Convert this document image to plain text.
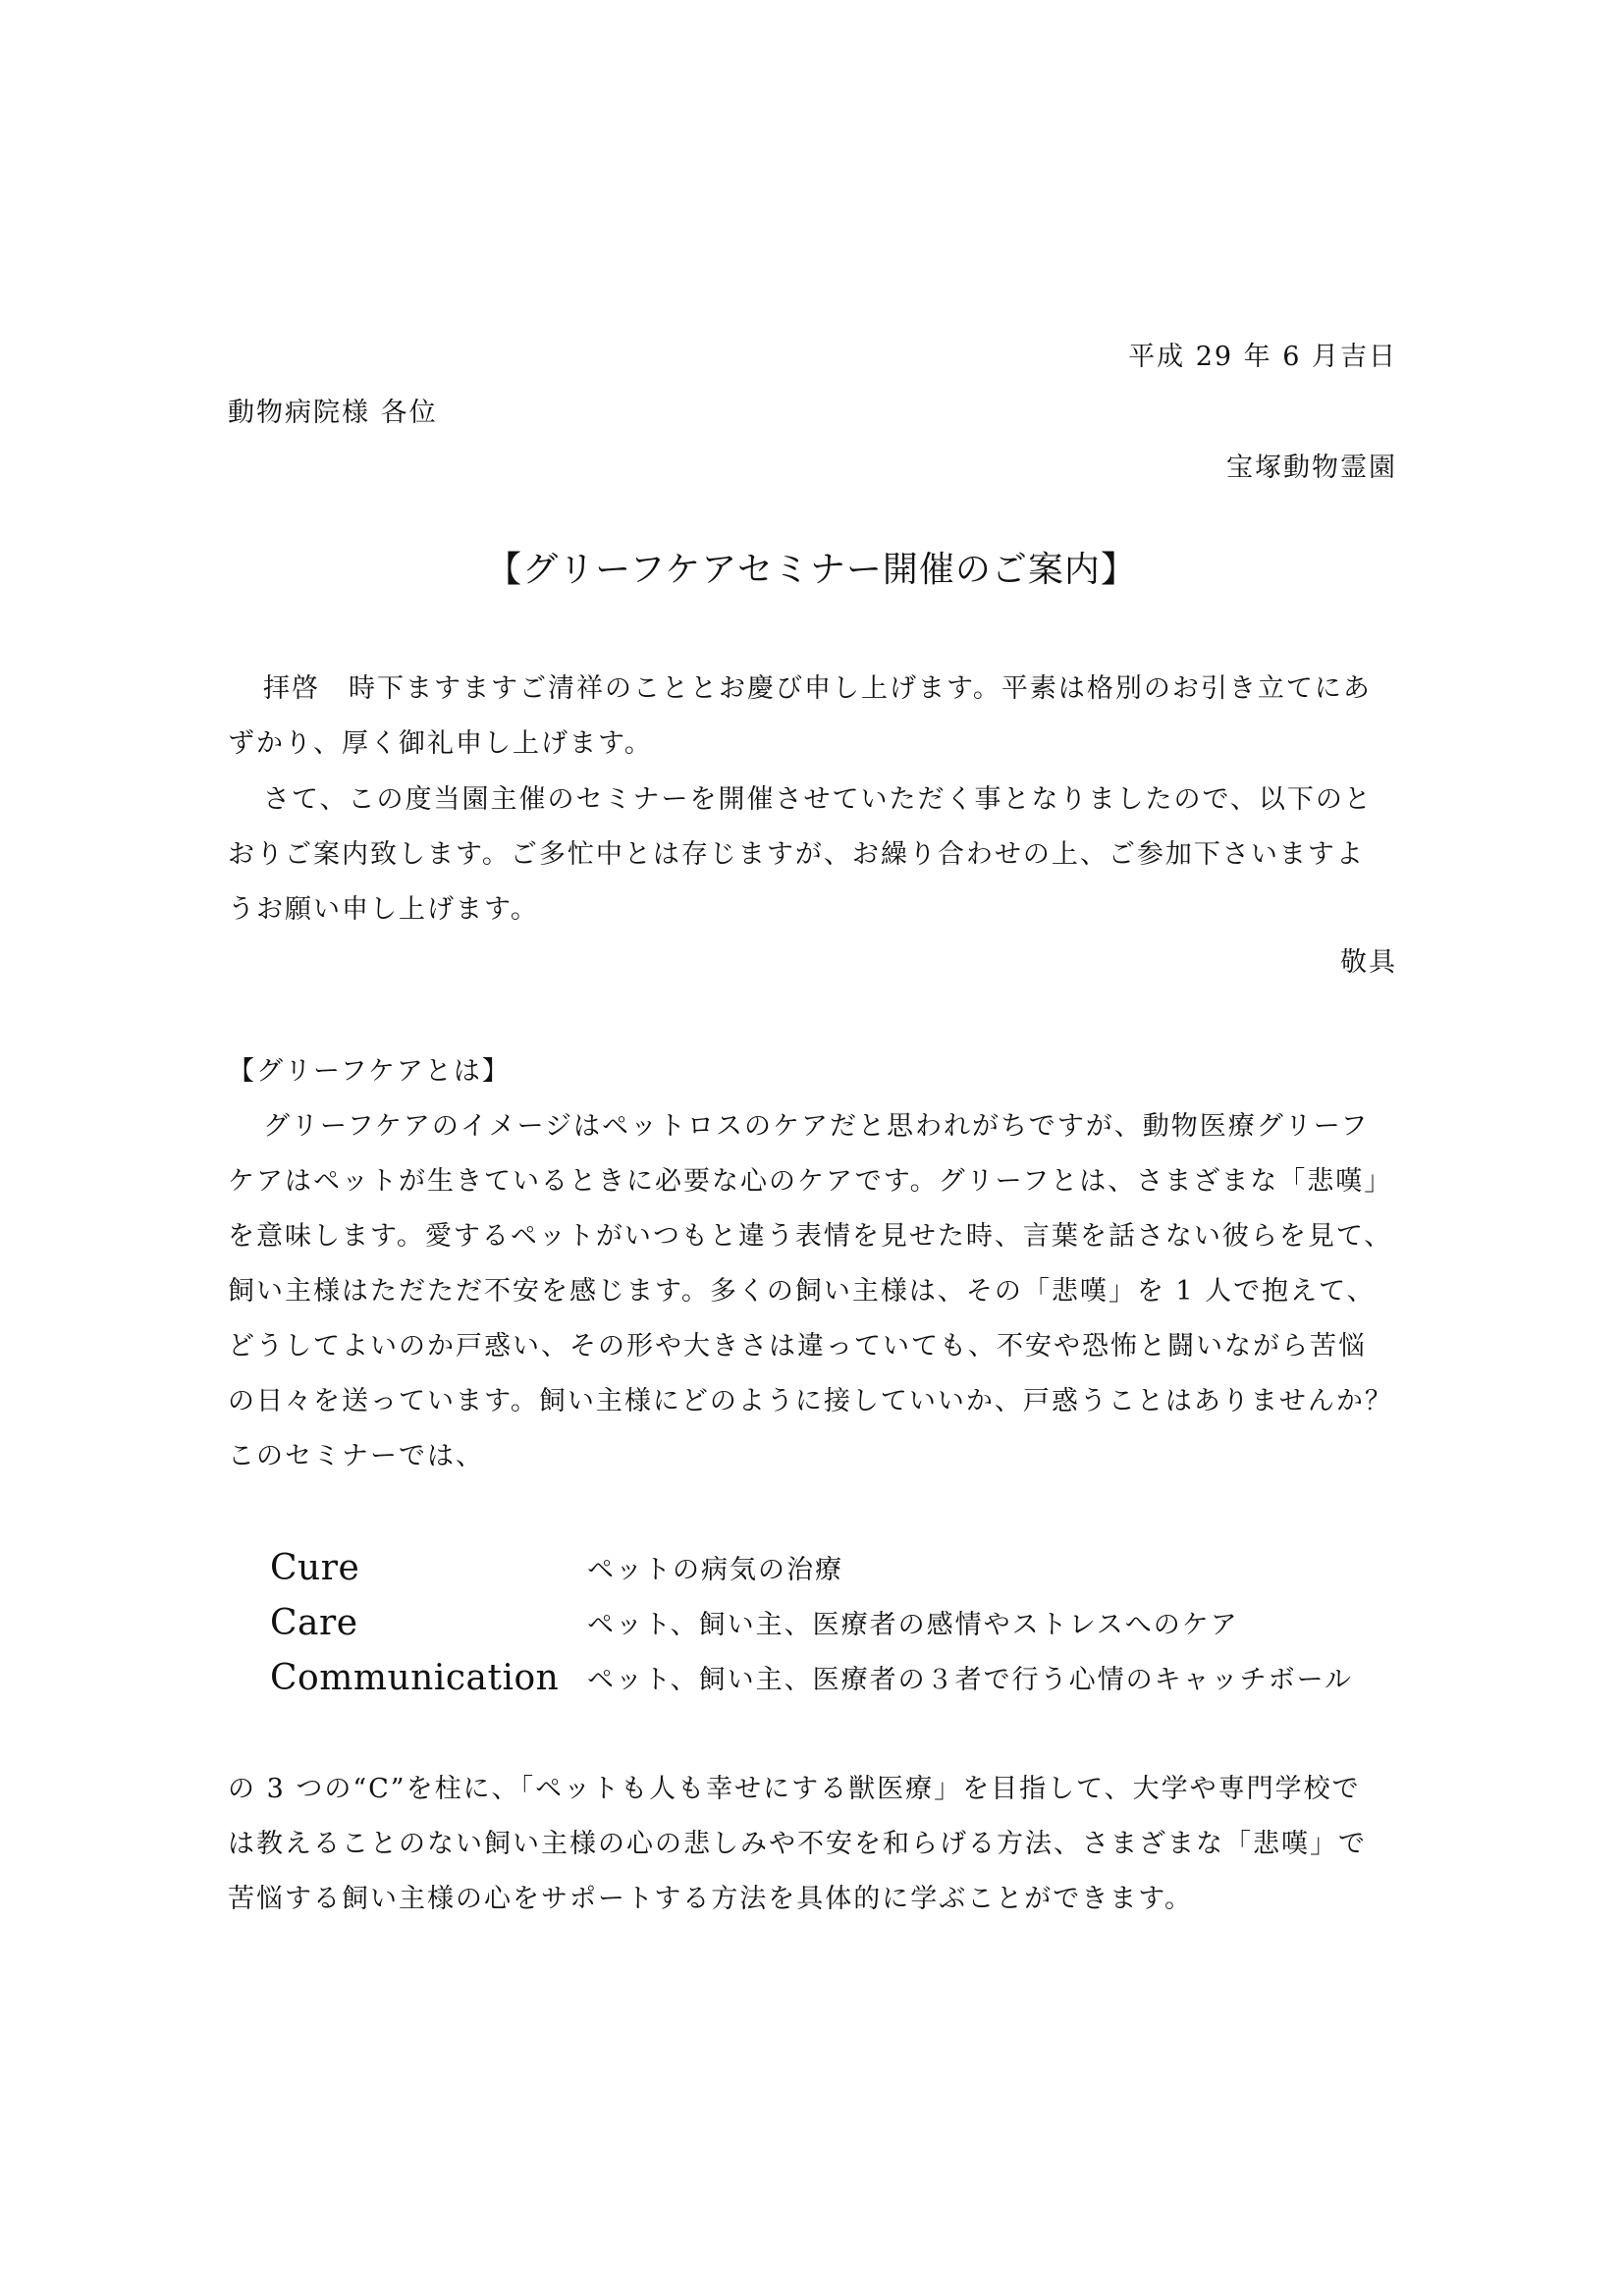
平成 29 年 6 月吉日
動物病院様 各位
宝塚動物霊園
【グリーフケアセミナー開催のご案内】
拝啓　時下ますますご清祥のこととお慶び申し上げます。平素は格別のお引き立てにあ
ずかり、厚く御礼申し上げます。
さて、この度当園主催のセミナーを開催させていただく事となりましたので、以下のと
おりご案内致します。ご多忙中とは存じますが、お繰り合わせの上、ご参加下さいますよ
うお願い申し上げます。
敬具
【グリーフケアとは】
グリーフケアのイメージはペットロスのケアだと思われがちですが、動物医療グリーフ
ケアはペットが生きているときに必要な心のケアです。グリーフとは、さまざまな「悲嘆」
を意味します。愛するペットがいつもと違う表情を見せた時、言葉を話さない彼らを見て、
飼い主様はただただ不安を感じます。多くの飼い主様は、その「悲嘆」を 1 人で抱えて、
どうしてよいのか戸惑い、その形や大きさは違っていても、不安や恐怖と闘いながら苦悩
の日々を送っています。飼い主様にどのように接していいか、戸惑うことはありませんか？
このセミナーでは、
Cure	ペットの病気の治療
Care	ペット、飼い主、医療者の感情やストレスへのケア
Communication ペット、飼い主、医療者の３者で行う心情のキャッチボール
の 3 つの“C”を柱に、「ペットも人も幸せにする獣医療」を目指して、大学や専門学校で
は教えることのない飼い主様の心の悲しみや不安を和らげる方法、さまざまな「悲嘆」で
苦悩する飼い主様の心をサポートする方法を具体的に学ぶことができます。
